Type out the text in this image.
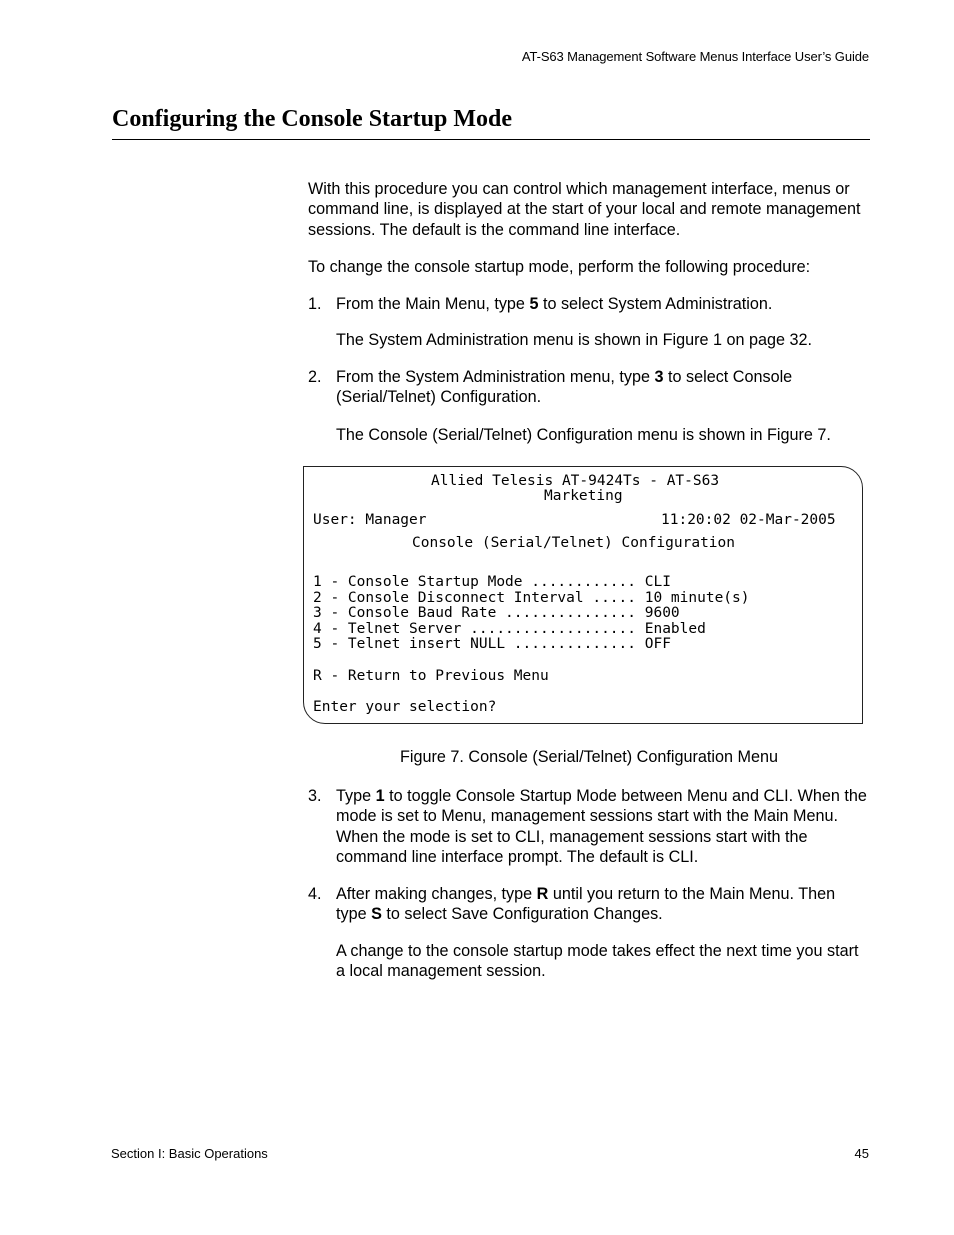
AT-S63 Management Software Menus Interface User’s Guide
Configuring the Console Startup Mode

With this procedure you can control which management interface, menus or command line, is displayed at the start of your local and remote management sessions. The default is the command line interface.

To change the console startup mode, perform the following procedure:

1. From the Main Menu, type 5 to select System Administration.

The System Administration menu is shown in Figure 1 on page 32.

2. From the System Administration menu, type 3 to select Console (Serial/Telnet) Configuration.

The Console (Serial/Telnet) Configuration menu is shown in Figure 7.

Allied Telesis AT-9424Ts - AT-S63
Marketing
User: Manager	11:20:02 02-Mar-2005
Console (Serial/Telnet) Configuration
1 - Console Startup Mode ............ CLI
2 - Console Disconnect Interval ..... 10 minute(s)
3 - Console Baud Rate ............... 9600
4 - Telnet Server ................... Enabled
5 - Telnet insert NULL .............. OFF
R - Return to Previous Menu
Enter your selection?
Figure 7. Console (Serial/Telnet) Configuration Menu
3. Type 1 to toggle Console Startup Mode between Menu and CLI. When the mode is set to Menu, management sessions start with the Main Menu. When the mode is set to CLI, management sessions start with the command line interface prompt. The default is CLI.
4. After making changes, type R until you return to the Main Menu. Then type S to select Save Configuration Changes.

A change to the console startup mode takes effect the next time you start a local management session.

Section I: Basic Operations	45
